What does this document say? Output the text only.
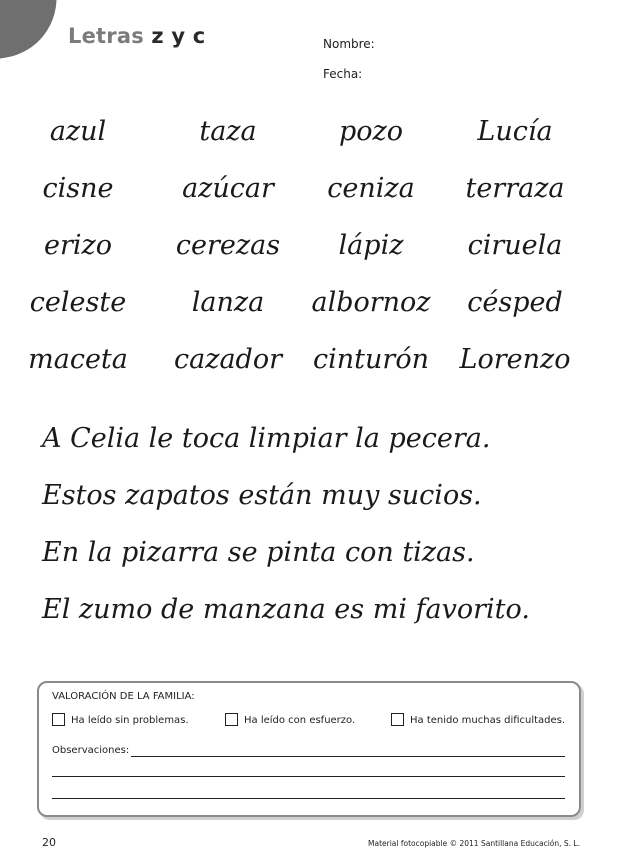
Letras z y c	Nombre:
Fecha:
azul	taza	pozo	Lucía
cisne	azúcar	ceniza	terraza
erizo	cerezas	lápiz	ciruela
celeste	lanza	albornoz	césped
maceta	cazador	cinturón	Lorenzo
A Celia le toca limpiar la pecera.
Estos zapatos están muy sucios.
En la pizarra se pinta con tizas.
El zumo de manzana es mi favorito.
VALORACIÓN DE LA FAMILIA:
Ha leído sin problemas.	Ha leído con esfuerzo.	Ha tenido muchas dificultades.
Observaciones:
20	Material fotocopiable © 2011 Santillana Educación, S. L.
